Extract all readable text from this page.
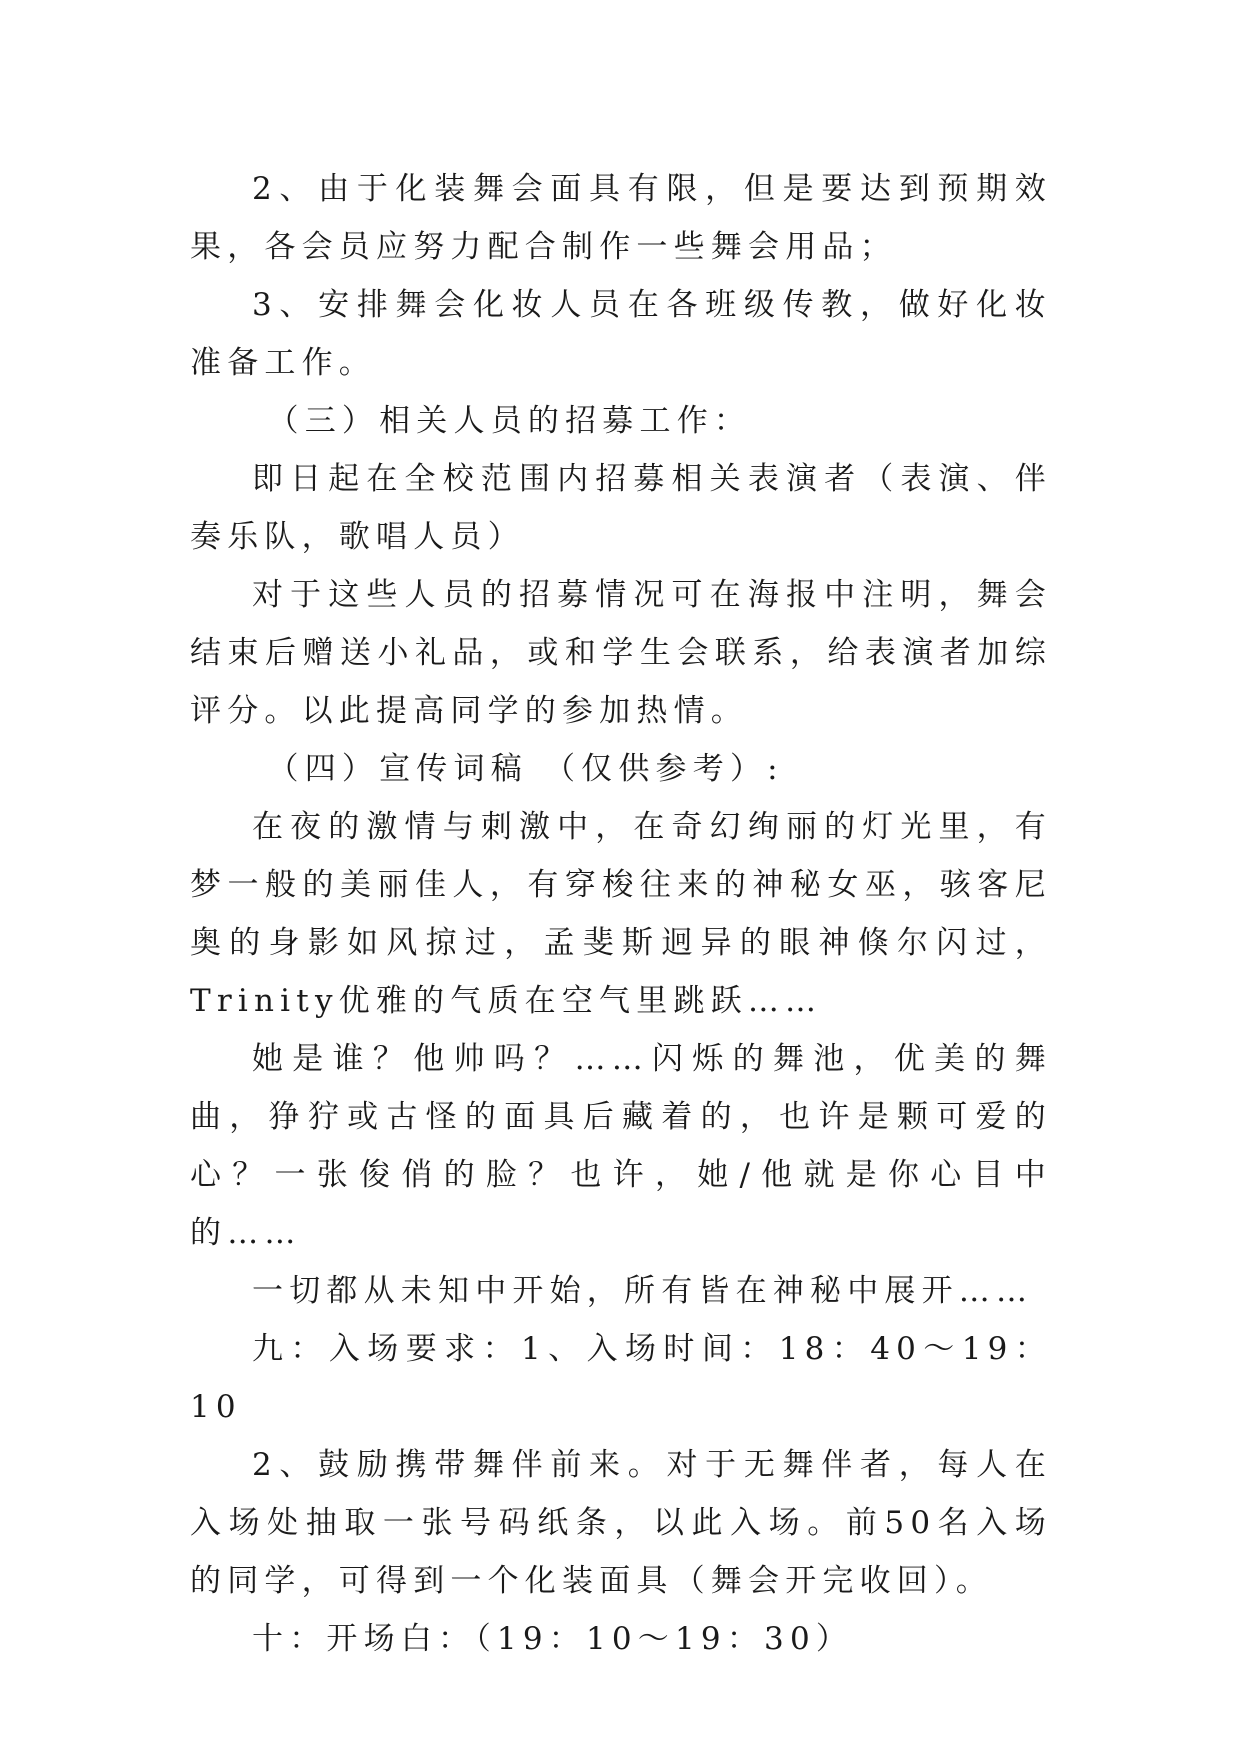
2、由于化装舞会面具有限，但是要达到预期效果，各会员应努力配合制作一些舞会用品；

3、安排舞会化妆人员在各班级传教，做好化妆准备工作。

（三）相关人员的招募工作：

即日起在全校范围内招募相关表演者（表演、伴奏乐队，歌唱人员）

对于这些人员的招募情况可在海报中注明，舞会结束后赠送小礼品，或和学生会联系，给表演者加综评分。以此提高同学的参加热情。

（四）宣传词稿 （仅供参考）:

在夜的激情与刺激中，在奇幻绚丽的灯光里，有梦一般的美丽佳人，有穿梭往来的神秘女巫，骇客尼奥的身影如风掠过，孟斐斯迥异的眼神倏尔闪过，Trinity优雅的气质在空气里跳跃……

她是谁？他帅吗？……闪烁的舞池，优美的舞曲，狰狞或古怪的面具后藏着的，也许是颗可爱的心？一张俊俏的脸？也许，她/他就是你心目中的……

一切都从未知中开始，所有皆在神秘中展开……

九：入场要求：1、入场时间：18：40～19：10

2、鼓励携带舞伴前来。对于无舞伴者，每人在入场处抽取一张号码纸条，以此入场。前50名入场的同学，可得到一个化装面具（舞会开完收回）。

十：开场白：（19：10～19：30）
